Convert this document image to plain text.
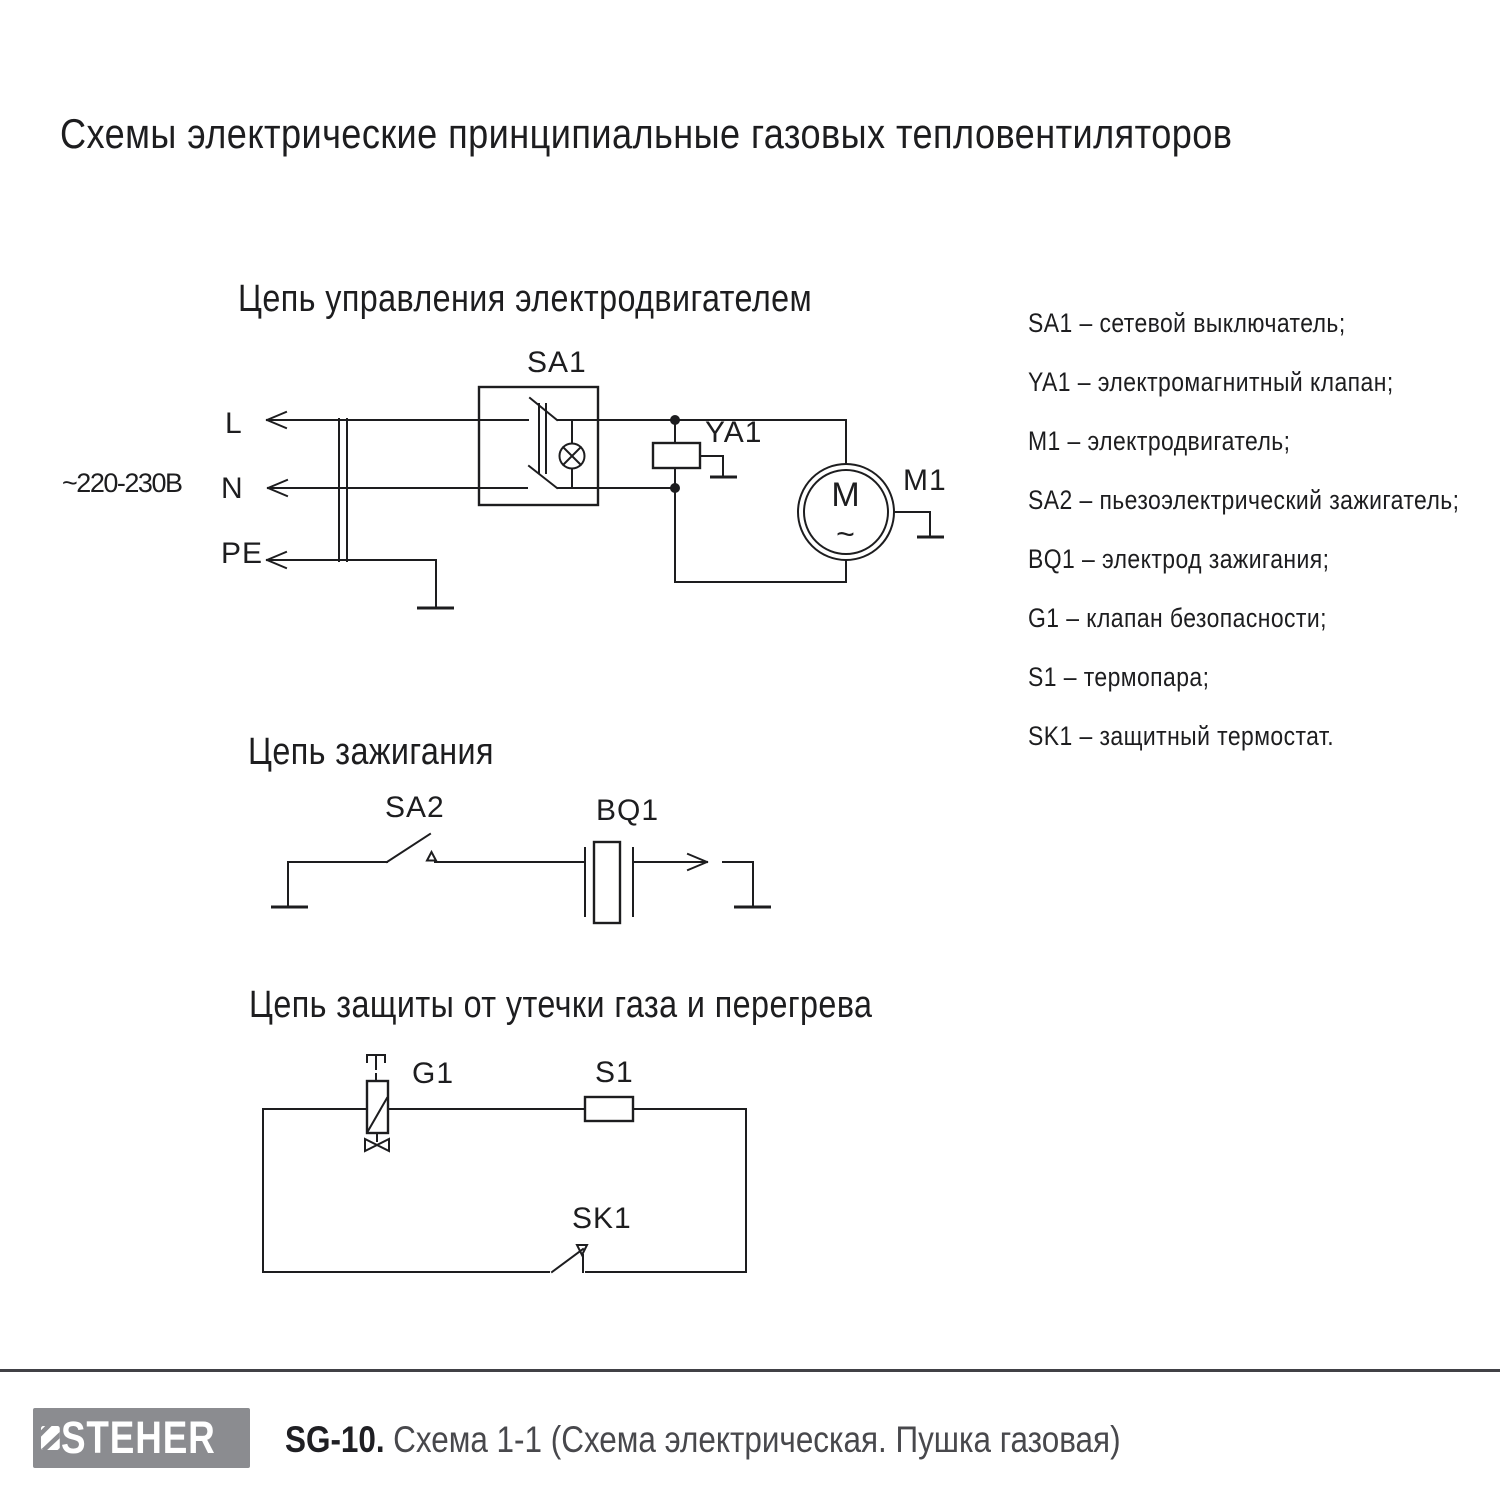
~220-230В
L
N
PE
SA1
YA1
M1
M
~
SA2	BQ1
G1	S1
SK1
Схемы электрические принципиальные газовых тепловентиляторов
Цепь управления электродвигателем
Цепь зажигания
Цепь защиты от утечки газа и перегрева
SA1 – сетевой выключатель;
YA1 – электромагнитный клапан;
M1 – электродвигатель;
SA2 – пьезоэлектрический зажигатель;
BQ1 – электрод зажигания;
G1 – клапан безопасности;
S1 – термопара;
SK1 – защитный термостат.
STEHER SG-10. Схема 1-1 (Схема электрическая. Пушка газовая)
